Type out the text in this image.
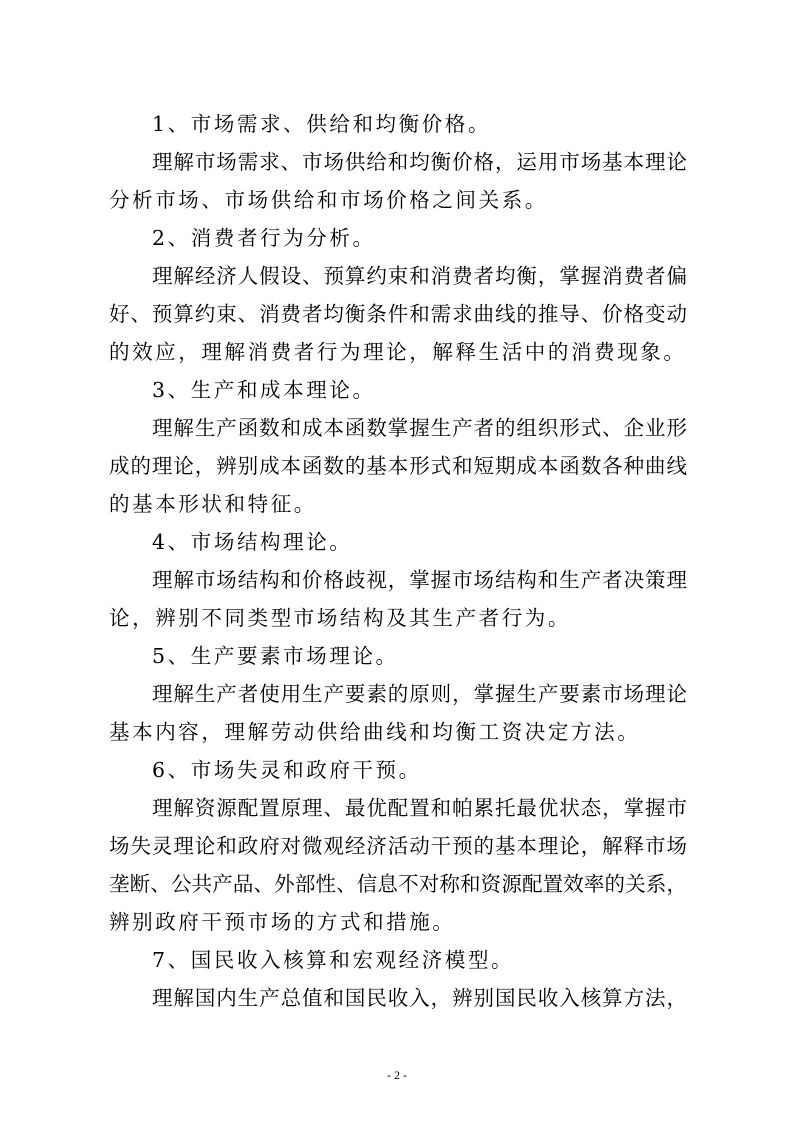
1、市场需求、供给和均衡价格。
理解市场需求、市场供给和均衡价格，运用市场基本理论
分析市场、市场供给和市场价格之间关系。
2、消费者行为分析。
理解经济人假设、预算约束和消费者均衡，掌握消费者偏
好、预算约束、消费者均衡条件和需求曲线的推导、价格变动
的效应，理解消费者行为理论，解释生活中的消费现象。
3、生产和成本理论。
理解生产函数和成本函数掌握生产者的组织形式、企业形
成的理论，辨别成本函数的基本形式和短期成本函数各种曲线
的基本形状和特征。
4、市场结构理论。
理解市场结构和价格歧视，掌握市场结构和生产者决策理
论，辨别不同类型市场结构及其生产者行为。
5、生产要素市场理论。
理解生产者使用生产要素的原则，掌握生产要素市场理论
基本内容，理解劳动供给曲线和均衡工资决定方法。
6、市场失灵和政府干预。
理解资源配置原理、最优配置和帕累托最优状态，掌握市
场失灵理论和政府对微观经济活动干预的基本理论，解释市场
垄断、公共产品、外部性、信息不对称和资源配置效率的关系，
辨别政府干预市场的方式和措施。
7、国民收入核算和宏观经济模型。
理解国内生产总值和国民收入，辨别国民收入核算方法，
- 2 -
